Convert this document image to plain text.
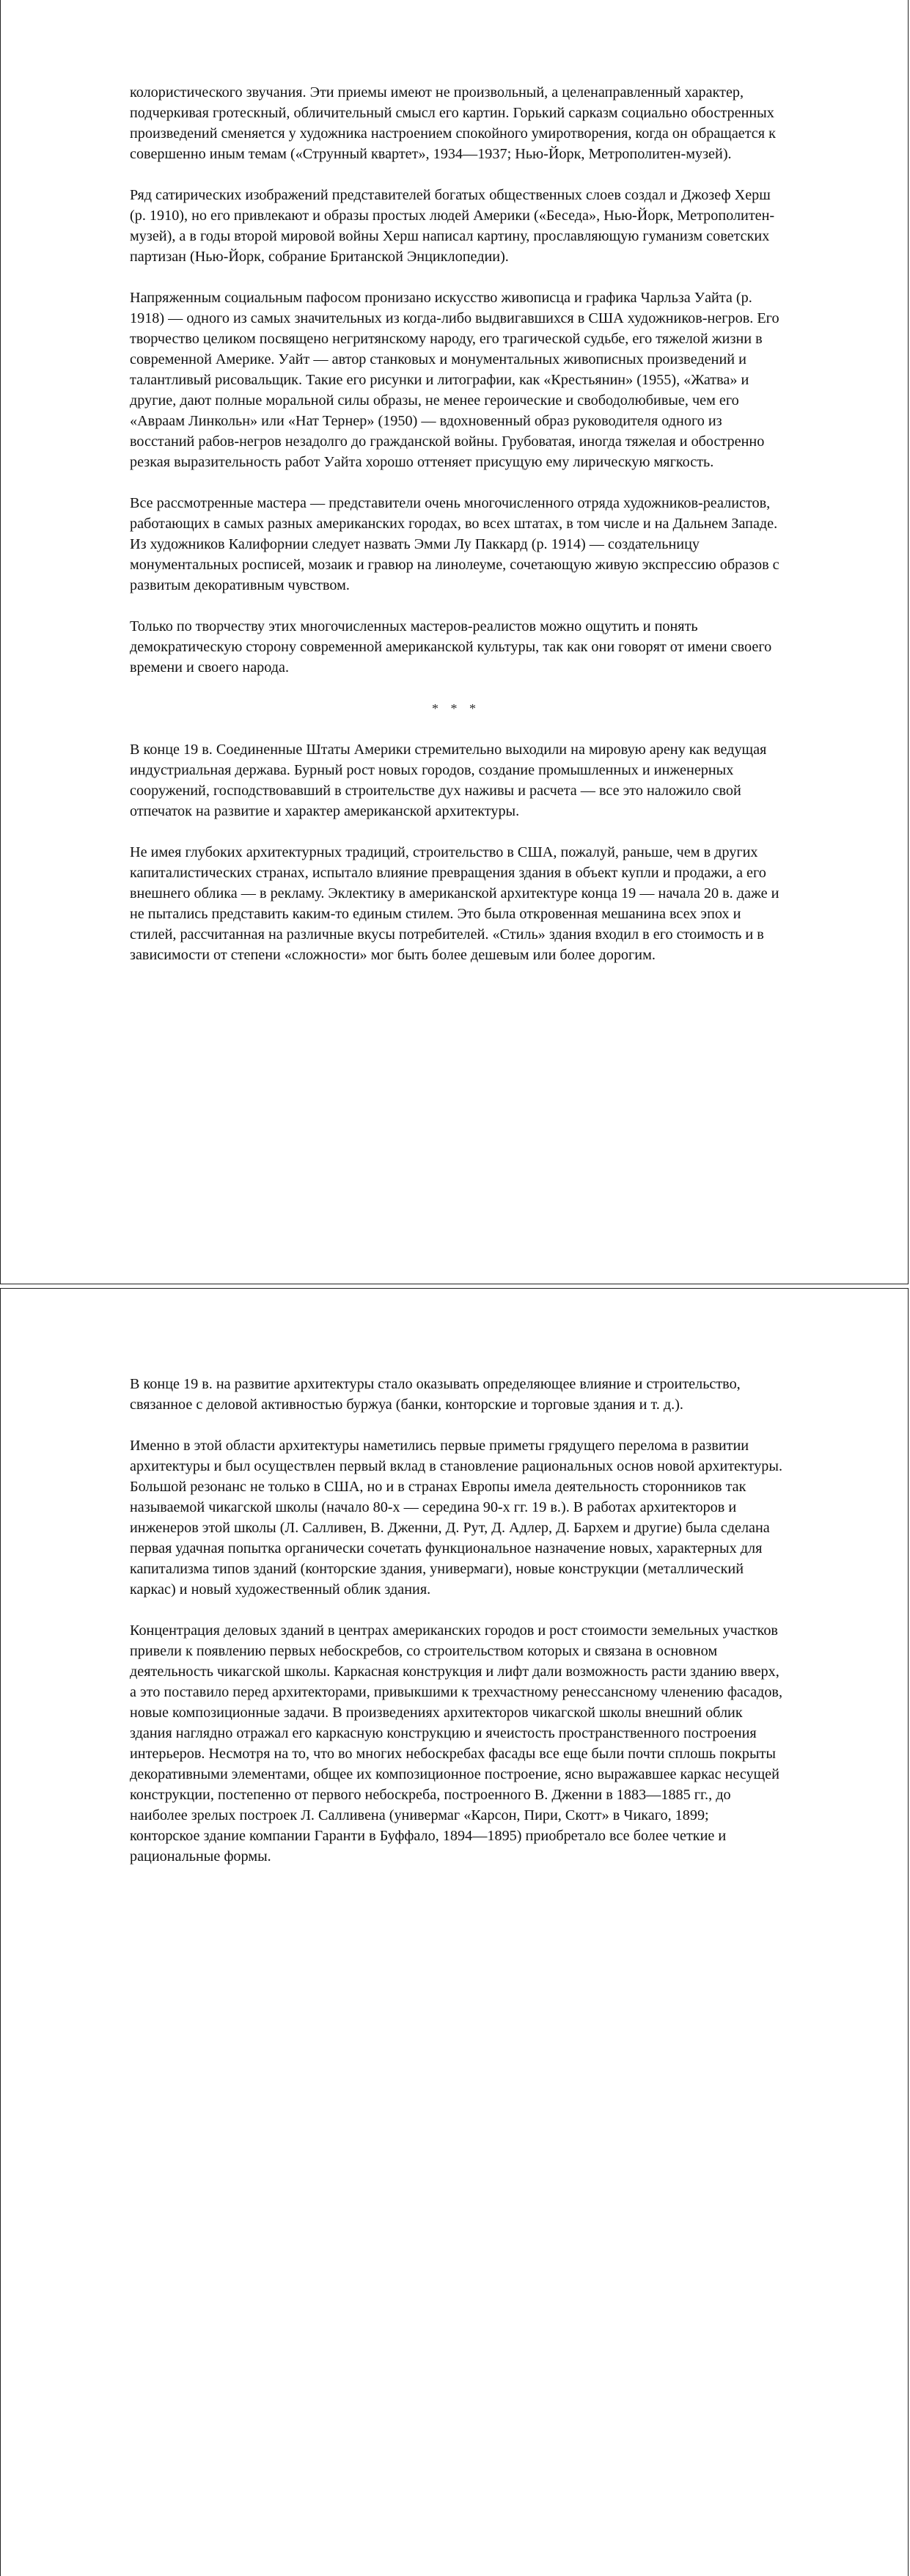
колористического звучания. Эти приемы имеют не произвольный, а целенаправленный характер, подчеркивая гротескный, обличительный смысл его картин. Горький сарказм социально обостренных произведений сменяется у художника настроением спокойного умиротворения, когда он обращается к совершенно иным темам («Струнный квартет», 1934—1937; Нью-Йорк, Метрополитен-музей).

Ряд сатирических изображений представителей богатых общественных слоев создал и Джозеф Херш (р. 1910), но его привлекают и образы простых людей Америки («Беседа», Нью-Йорк, Метрополитен-музей), а в годы второй мировой войны Херш написал картину, прославляющую гуманизм советских партизан (Нью-Йорк, собрание Британской Энциклопедии).

Напряженным социальным пафосом пронизано искусство живописца и графика Чарльза Уайта (р. 1918) — одного из самых значительных из когда-либо выдвигавшихся в США художников-негров. Его творчество целиком посвящено негритянскому народу, его трагической судьбе, его тяжелой жизни в современной Америке. Уайт — автор станковых и монументальных живописных произведений и талантливый рисовальщик. Такие его рисунки и литографии, как «Крестьянин» (1955), «Жатва» и другие, дают полные моральной силы образы, не менее героические и свободолюбивые, чем его «Авраам Линкольн» или «Нат Тернер» (1950) — вдохновенный образ руководителя одного из восстаний рабов-негров незадолго до гражданской войны. Грубоватая, иногда тяжелая и обостренно резкая выразительность работ Уайта хорошо оттеняет присущую ему лирическую мягкость.

Все рассмотренные мастера — представители очень многочисленного отряда художников-реалистов, работающих в самых разных американских городах, во всех штатах, в том числе и на Дальнем Западе. Из художников Калифорнии следует назвать Эмми Лу Паккард (р. 1914) — создательницу монументальных росписей, мозаик и гравюр на линолеуме, сочетающую живую экспрессию образов с развитым декоративным чувством.

Только по творчеству этих многочисленных мастеров-реалистов можно ощутить и понять демократическую сторону современной американской культуры, так как они говорят от имени своего времени и своего народа.

* * *

В конце 19 в. Соединенные Штаты Америки стремительно выходили на мировую арену как ведущая индустриальная держава. Бурный рост новых городов, создание промышленных и инженерных сооружений, господствовавший в строительстве дух наживы и расчета — все это наложило свой отпечаток на развитие и характер американской архитектуры.

Не имея глубоких архитектурных традиций, строительство в США, пожалуй, раньше, чем в других капиталистических странах, испытало влияние превращения здания в объект купли и продажи, а его внешнего облика — в рекламу. Эклектику в американской архитектуре конца 19 — начала 20 в. даже и не пытались представить каким-то единым стилем. Это была откровенная мешанина всех эпох и стилей, рассчитанная на различные вкусы потребителей. «Стиль» здания входил в его стоимость и в зависимости от степени «сложности» мог быть более дешевым или более дорогим.

В конце 19 в. на развитие архитектуры стало оказывать определяющее влияние и строительство, связанное с деловой активностью буржуа (банки, конторские и торговые здания и т. д.).

Именно в этой области архитектуры наметились первые приметы грядущего перелома в развитии архитектуры и был осуществлен первый вклад в становление рациональных основ новой архитектуры. Большой резонанс не только в США, но и в странах Европы имела деятельность сторонников так называемой чикагской школы (начало 80-х — середина 90-х гг. 19 в.). В работах архитекторов и инженеров этой школы (Л. Салливен, В. Дженни, Д. Рут, Д. Адлер, Д. Бархем и другие) была сделана первая удачная попытка органически сочетать функциональное назначение новых, характерных для капитализма типов зданий (конторские здания, универмаги), новые конструкции (металлический каркас) и новый художественный облик здания.

Концентрация деловых зданий в центрах американских городов и рост стоимости земельных участков привели к появлению первых небоскребов, со строительством которых и связана в основном деятельность чикагской школы. Каркасная конструкция и лифт дали возможность расти зданию вверх, а это поставило перед архитекторами, привыкшими к трехчастному ренессансному членению фасадов, новые композиционные задачи. В произведениях архитекторов чикагской школы внешний облик здания наглядно отражал его каркасную конструкцию и ячеистость пространственного построения интерьеров. Несмотря на то, что во многих небоскребах фасады все еще были почти сплошь покрыты декоративными элементами, общее их композиционное построение, ясно выражавшее каркас несущей конструкции, постепенно от первого небоскреба, построенного В. Дженни в 1883—1885 гг., до наиболее зрелых построек Л. Салливена (универмаг «Карсон, Пири, Скотт» в Чикаго, 1899; конторское здание компании Гаранти в Буффало, 1894—1895) приобретало все более четкие и рациональные формы.
